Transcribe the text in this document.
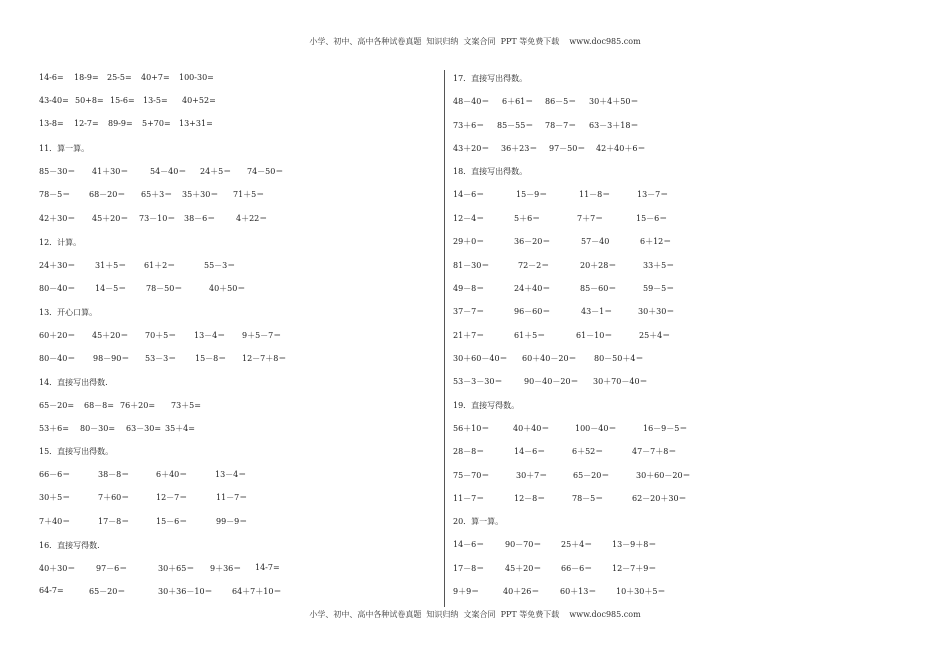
小学、初中、高中各种试卷真题  知识归纳  文案合同  PPT 等免费下载    www.doc985.com
14-6= 18-9= 25-5= 40+7= 100-30=
43-40= 50+8= 15-6= 13-5= 40+52=
13-8= 12-7= 89-9= 5+70= 13+31=
11．算一算。
85－30＝ 41＋30＝	54－40＝ 24＋5＝ 74－50＝
78－5＝ 68－20＝ 65＋3＝ 35＋30＝ 71＋5＝
42＋30＝ 45＋20＝ 73－10＝ 38－6＝	4＋22＝
12．计算。
24＋30＝ 31＋5＝ 61＋2＝	55－3＝
80－40＝ 14－5＝ 78－50＝	40＋50＝
13．开心口算。
60＋20＝ 45＋20＝ 70＋5＝ 13－4＝ 9＋5－7＝
80－40＝ 98－90＝ 53－3＝ 15－8＝ 12－7＋8＝
14．直接写出得数.
65－20= 68－8= 76＋20= 73＋5=
53＋6= 80－30= 63－30= 35＋4=
15．直接写出得数。
66－6＝	38－8＝	6＋40＝	13－4＝
30＋5＝	7＋60＝	12－7＝	11－7＝
7＋40＝	17－8＝	15－6＝	99－9＝
16．直接写得数.
40＋30＝	97－6＝	30＋65＝ 9＋36＝ 14-7=
64-7=	65－20＝	30＋36－10＝ 64＋7＋10＝
17．直接写出得数。
48－40＝ 6＋61＝ 86－5＝ 30＋4＋50＝
73＋6＝ 85－55＝ 78－7＝ 63－3＋18＝
43＋20＝ 36＋23＝ 97－50＝ 42＋40＋6＝
18．直接写出得数。
14－6＝	15－9＝	11－8＝	13－7＝
12－4＝	5＋6＝	7＋7＝	15－6＝
29＋0＝	36－20＝	57－40	6＋12＝
81－30＝	72－2＝	20＋28＝	33＋5＝
49－8＝	24＋40＝	85－60＝	59－5＝
37－7＝	96－60＝	43－1＝	30＋30＝
21＋7＝	61＋5＝	61－10＝	25＋4＝
30＋60－40＝ 60＋40－20＝ 80－50＋4＝
53－3－30＝	90－40－20＝ 30＋70－40＝
19．直接写得数。
56＋10＝	40＋40＝	100－40＝	16－9－5＝
28－8＝	14－6＝	6＋52＝	47－7＋8＝
75－70＝	30＋7＝	65－20＝	30＋60－20＝
11－7＝	12－8＝	78－5＝	62－20＋30＝
20．算一算。
14－6＝	90－70＝ 25＋4＝ 13－9＋8＝
17－8＝	45＋20＝ 66－6＝ 12－7＋9＝
9＋9＝	40＋26＝	60＋13＝ 10＋30＋5＝
小学、初中、高中各种试卷真题  知识归纳  文案合同  PPT 等免费下载    www.doc985.com
